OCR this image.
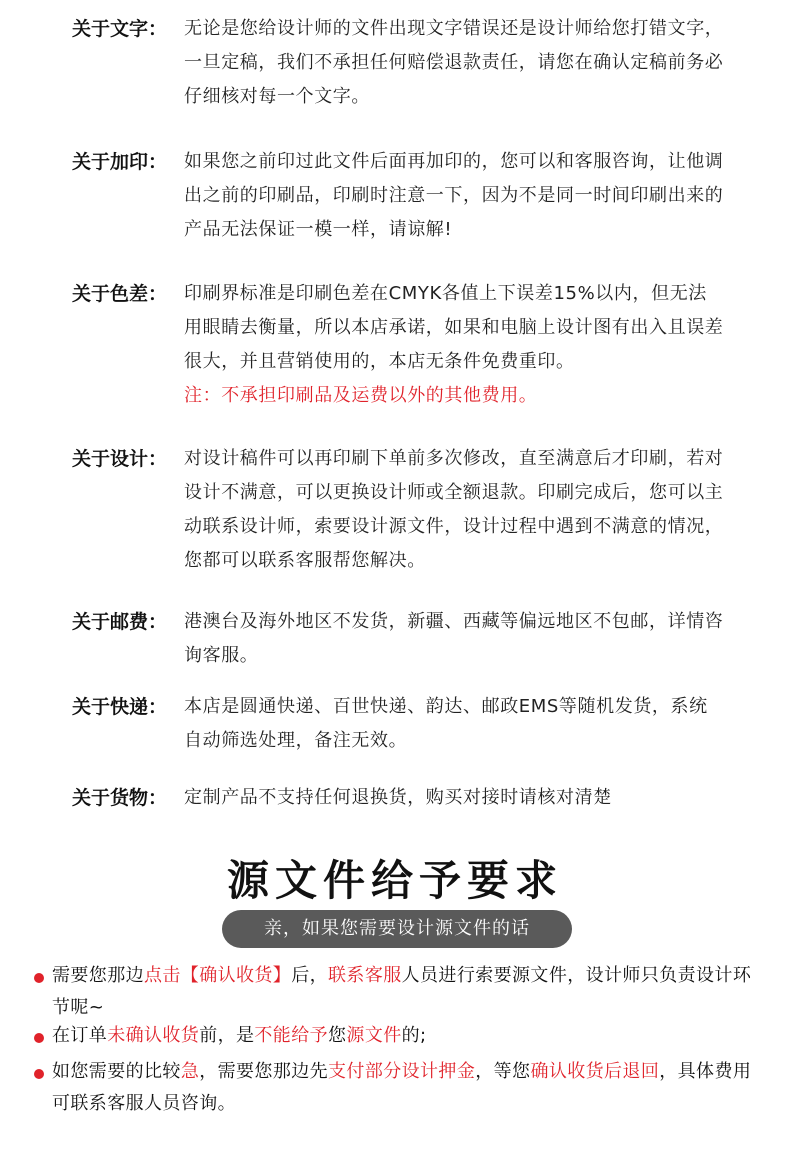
关于文字： 无论是您给设计师的文件出现文字错误还是设计师给您打错文字，一旦定稿，我们不承担任何赔偿退款责任，请您在确认定稿前务必仔细核对每一个文字。
关于加印： 如果您之前印过此文件后面再加印的，您可以和客服咨询，让他调出之前的印刷品，印刷时注意一下，因为不是同一时间印刷出来的产品无法保证一模一样，请谅解!
关于色差： 印刷界标准是印刷色差在CMYK各值上下误差15%以内，但无法用眼睛去衡量，所以本店承诺，如果和电脑上设计图有出入且误差很大，并且营销使用的，本店无条件免费重印。
注：不承担印刷品及运费以外的其他费用。
关于设计： 对设计稿件可以再印刷下单前多次修改，直至满意后才印刷，若对设计不满意，可以更换设计师或全额退款。印刷完成后，您可以主动联系设计师，索要设计源文件，设计过程中遇到不满意的情况，您都可以联系客服帮您解决。
关于邮费： 港澳台及海外地区不发货，新疆、西藏等偏远地区不包邮，详情咨询客服。
关于快递： 本店是圆通快递、百世快递、韵达、邮政EMS等随机发货，系统自动筛选处理，备注无效。
关于货物： 定制产品不支持任何退换货，购买对接时请核对清楚
源文件给予要求
亲，如果您需要设计源文件的话
需要您那边点击【确认收货】后，联系客服人员进行索要源文件，设计师只负责设计环节呢~
在订单未确认收货前，是不能给予您源文件的;
如您需要的比较急，需要您那边先支付部分设计押金，等您确认收货后退回，具体费用可联系客服人员咨询。
